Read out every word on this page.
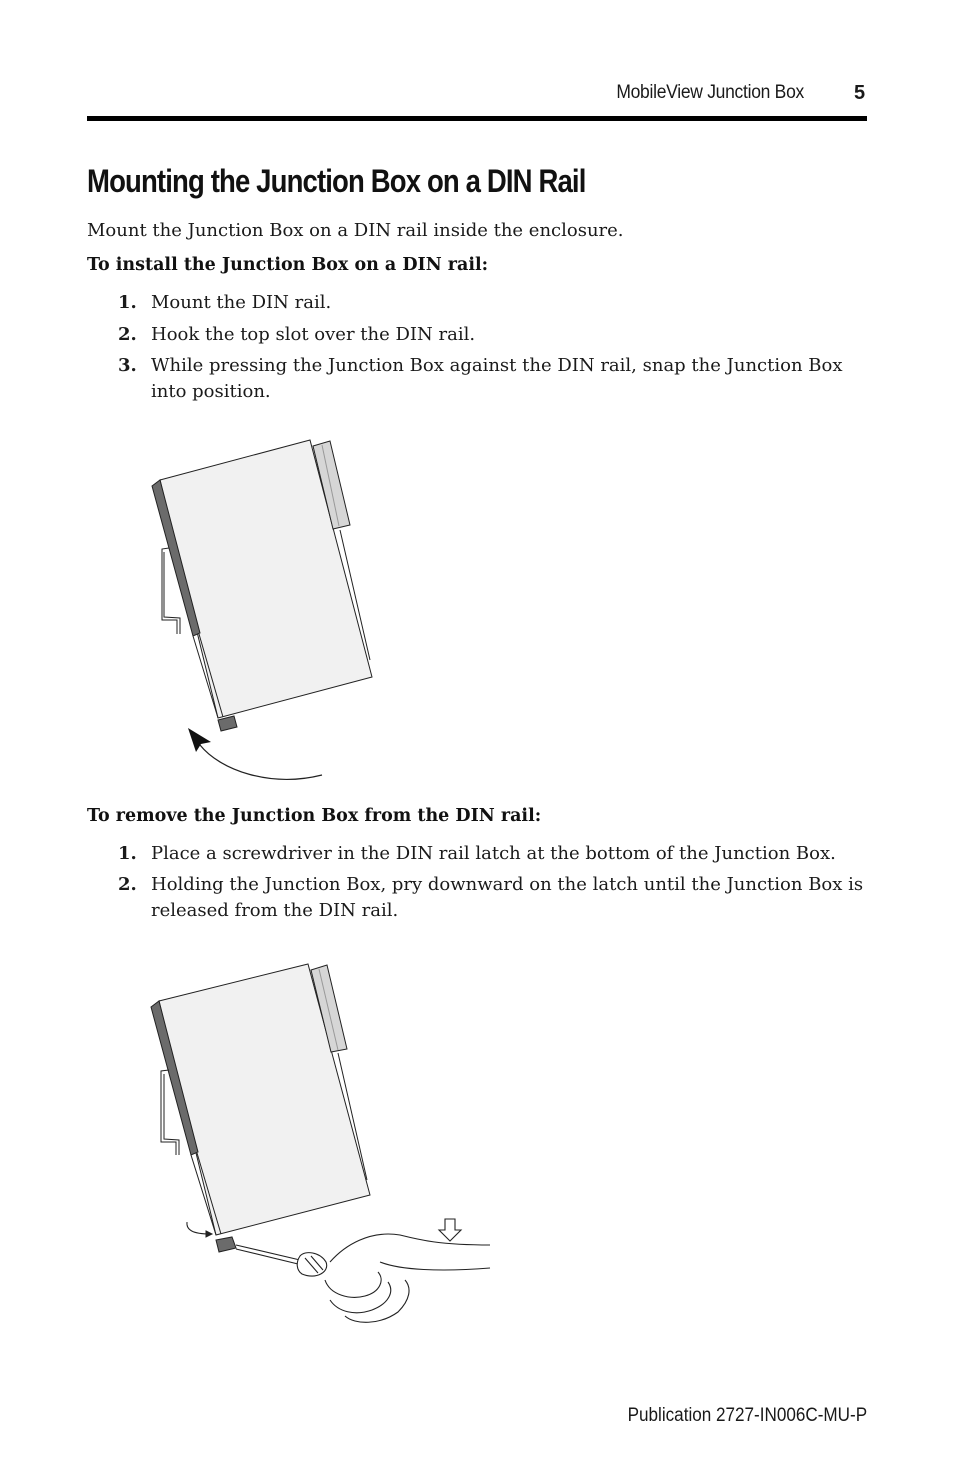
MobileView Junction Box	5
Mounting the Junction Box on a DIN Rail

Mount the Junction Box on a DIN rail inside the enclosure.

To install the Junction Box on a DIN rail:

1. Mount the DIN rail.
2. Hook the top slot over the DIN rail.
3. While pressing the Junction Box against the DIN rail, snap the Junction Box into position.

To remove the Junction Box from the DIN rail:

1. Place a screwdriver in the DIN rail latch at the bottom of the Junction Box.
2. Holding the Junction Box, pry downward on the latch until the Junction Box is released from the DIN rail.
Publication 2727-IN006C-MU-P
